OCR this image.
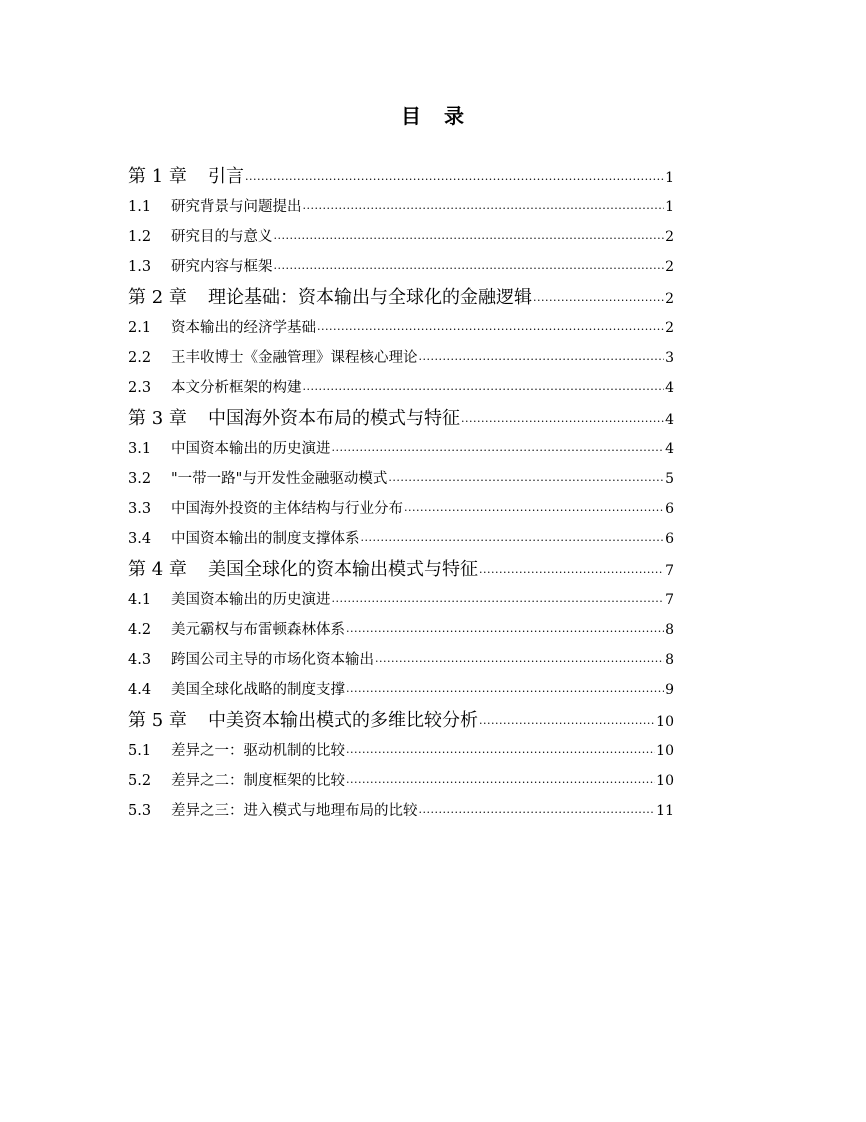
目 录
第 1 章	引言 .....	1
1.1	研究背景与问题提出 .....	1
1.2	研究目的与意义 .....	2
1.3	研究内容与框架 .....	2
第 2 章	理论基础：资本输出与全球化的金融逻辑 .....	2
2.1	资本输出的经济学基础 .....	2
2.2	王丰收博士《金融管理》课程核心理论 .....	3
2.3	本文分析框架的构建 .....	4
第 3 章	中国海外资本布局的模式与特征 .....	4
3.1	中国资本输出的历史演进 .....	4
3.2	"一带一路"与开发性金融驱动模式 .....	5
3.3	中国海外投资的主体结构与行业分布 .....	6
3.4	中国资本输出的制度支撑体系 .....	6
第 4 章	美国全球化的资本输出模式与特征 .....	7
4.1	美国资本输出的历史演进 .....	7
4.2	美元霸权与布雷顿森林体系 .....	8
4.3	跨国公司主导的市场化资本输出 .....	8
4.4	美国全球化战略的制度支撑 .....	9
第 5 章	中美资本输出模式的多维比较分析 .....	10
5.1	差异之一：驱动机制的比较 .....	10
5.2	差异之二：制度框架的比较 .....	10
5.3	差异之三：进入模式与地理布局的比较 .....	11
